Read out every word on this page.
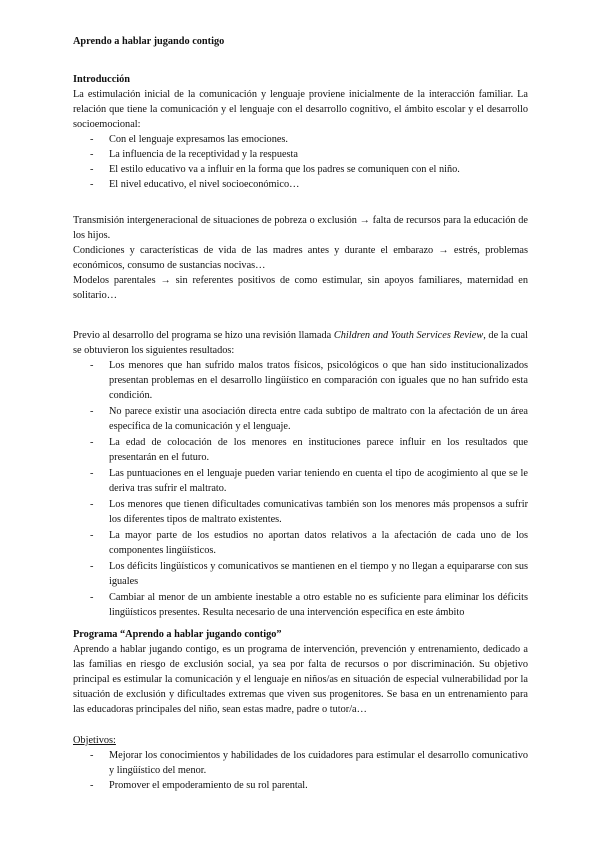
Aprendo a hablar jugando contigo
Introducción

La estimulación inicial de la comunicación y lenguaje proviene inicialmente de la interacción familiar. La relación que tiene la comunicación y el lenguaje con el desarrollo cognitivo, el ámbito escolar y el desarrollo socioemocional:

- Con el lenguaje expresamos las emociones.
- La influencia de la receptividad y la respuesta
- El estilo educativo va a influir en la forma que los padres se comuniquen con el niño.
- El nivel educativo, el nivel socioeconómico…

Transmisión intergeneracional de situaciones de pobreza o exclusión → falta de recursos para la educación de los hijos.

Condiciones y características de vida de las madres antes y durante el embarazo → estrés, problemas económicos, consumo de sustancias nocivas…

Modelos parentales → sin referentes positivos de como estimular, sin apoyos familiares, maternidad en solitario…

Previo al desarrollo del programa se hizo una revisión llamada Children and Youth Services Review, de la cual se obtuvieron los siguientes resultados:

- Los menores que han sufrido malos tratos físicos, psicológicos o que han sido institucionalizados presentan problemas en el desarrollo lingüístico en comparación con iguales que no han sufrido esta condición.
- No parece existir una asociación directa entre cada subtipo de maltrato con la afectación de un área específica de la comunicación y el lenguaje.
- La edad de colocación de los menores en instituciones parece influir en los resultados que presentarán en el futuro.
- Las puntuaciones en el lenguaje pueden variar teniendo en cuenta el tipo de acogimiento al que se le deriva tras sufrir el maltrato.
- Los menores que tienen dificultades comunicativas también son los menores más propensos a sufrir los diferentes tipos de maltrato existentes.
- La mayor parte de los estudios no aportan datos relativos a la afectación de cada uno de los componentes lingüísticos.
- Los déficits lingüísticos y comunicativos se mantienen en el tiempo y no llegan a equipararse con sus iguales
- Cambiar al menor de un ambiente inestable a otro estable no es suficiente para eliminar los déficits lingüísticos presentes. Resulta necesario de una intervención específica en este ámbito
Programa “Aprendo a hablar jugando contigo”

Aprendo a hablar jugando contigo, es un programa de intervención, prevención y entrenamiento, dedicado a las familias en riesgo de exclusión social, ya sea por falta de recursos o por discriminación. Su objetivo principal es estimular la comunicación y el lenguaje en niños/as en situación de especial vulnerabilidad por la situación de exclusión y dificultades extremas que viven sus progenitores. Se basa en un entrenamiento para las educadoras principales del niño, sean estas madre, padre o tutor/a…

Objetivos:
- Mejorar los conocimientos y habilidades de los cuidadores para estimular el desarrollo comunicativo y lingüístico del menor.
- Promover el empoderamiento de su rol parental.
